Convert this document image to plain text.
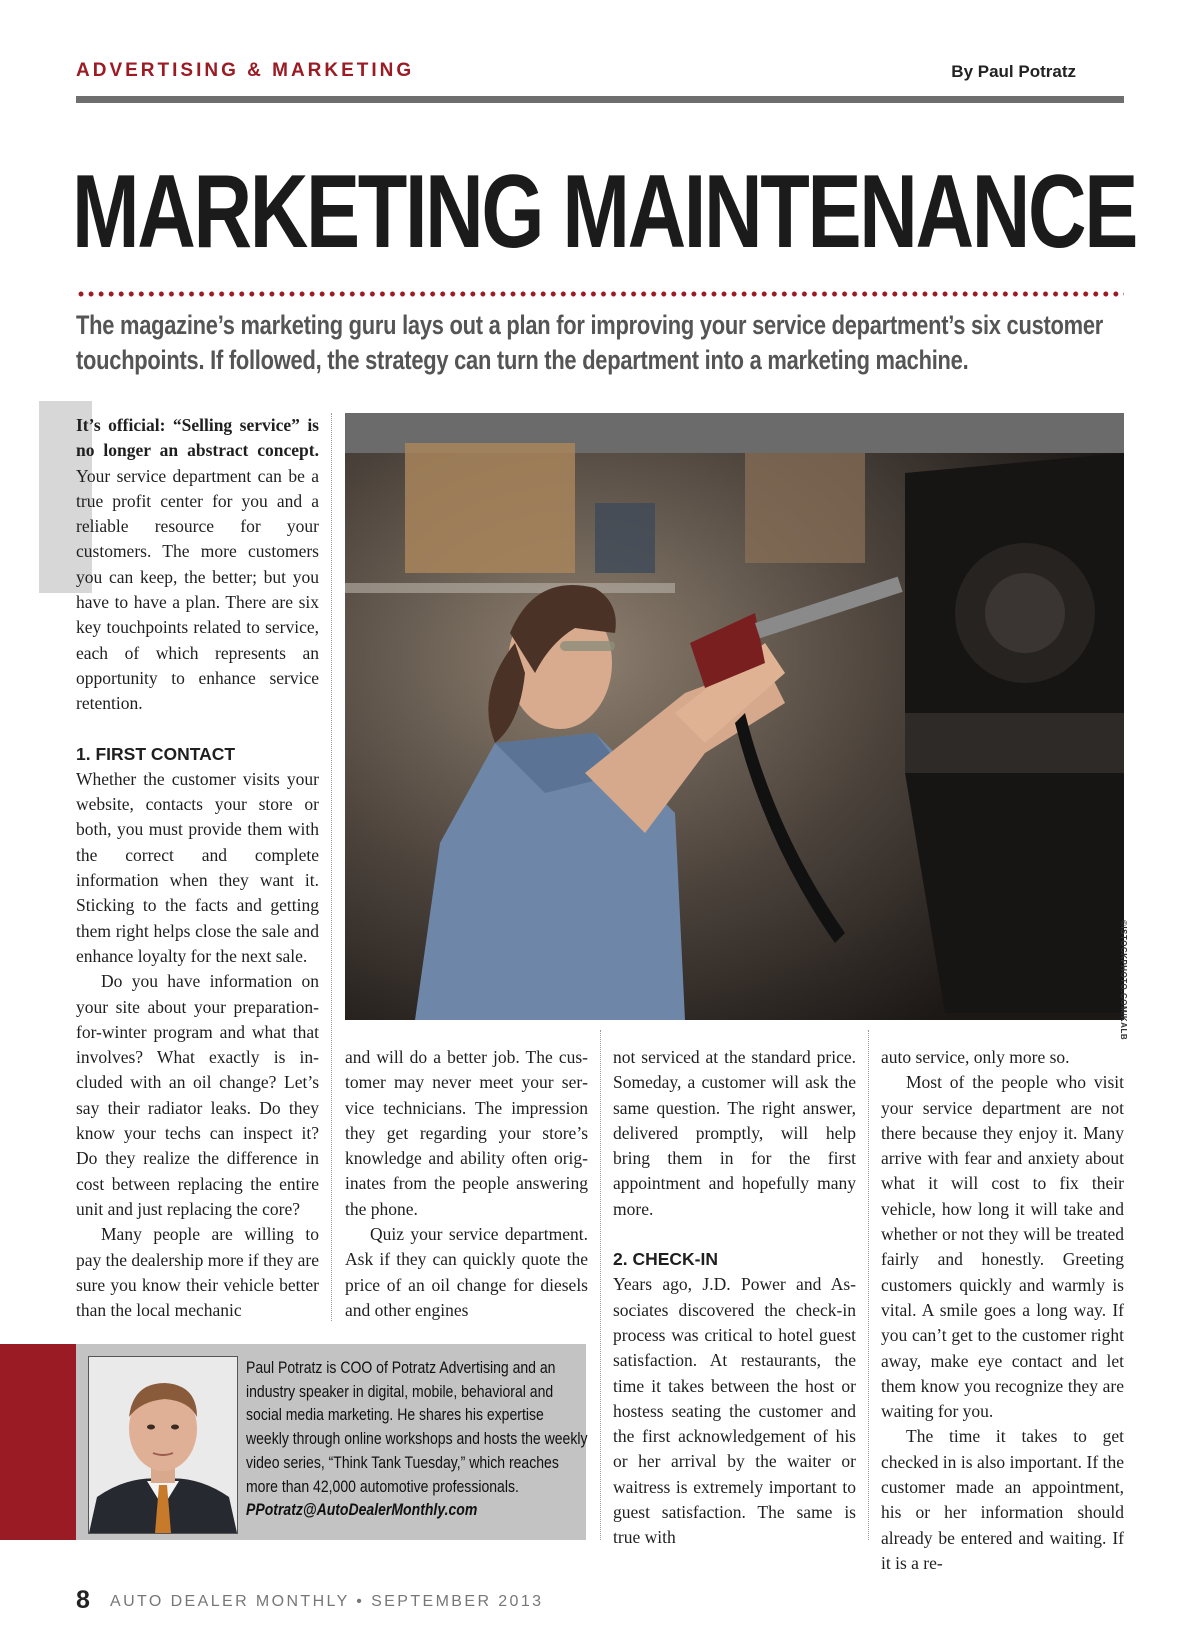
ADVERTISING & MARKETING	By Paul Potratz
MARKETING MAINTENANCE
The magazine’s marketing guru lays out a plan for improving your service department’s six customer touchpoints. If followed, the strategy can turn the department into a marketing machine.

It’s official: “Selling service” is no longer an abstract concept. Your service department can be a true profit center for you and a reliable resource for your customers. The more customers you can keep, the better; but you have to have a plan. There are six key touchpoints related to service, each of which represents an opportunity to enhance service retention.

1. FIRST CONTACT

Whether the customer visits your website, contacts your store or both, you must provide them with the correct and complete information when they want it. Sticking to the facts and getting them right helps close the sale and enhance loyalty for the next sale.

Do you have information on your site about your preparation-for-winter program and what that involves? What exactly is included with an oil change? Let’s say their radiator leaks. Do they know your techs can inspect it? Do they realize the difference in cost between replacing the entire unit and just replacing the core?

Many people are willing to pay the dealership more if they are sure you know their vehicle better than the local mechanic

©ISTOCKPHOTO.COM/KALB

and will do a better job. The customer may never meet your service technicians. The impression they get regarding your store’s knowledge and ability often originates from the people answering the phone.

Quiz your service department. Ask if they can quickly quote the price of an oil change for diesels and other engines

not serviced at the standard price. Someday, a customer will ask the same question. The right answer, delivered promptly, will help bring them in for the first appointment and hopefully many more.

2. CHECK-IN

Years ago, J.D. Power and Associates discovered the check-in process was critical to hotel guest satisfaction. At restaurants, the time it takes between the host or hostess seating the customer and the first acknowledgement of his or her arrival by the waiter or waitress is extremely important to guest satisfaction. The same is true with

auto service, only more so.

Most of the people who visit your service department are not there because they enjoy it. Many arrive with fear and anxiety about what it will cost to fix their vehicle, how long it will take and whether or not they will be treated fairly and honestly. Greeting customers quickly and warmly is vital. A smile goes a long way. If you can’t get to the customer right away, make eye contact and let them know you recognize they are waiting for you.

The time it takes to get checked in is also important. If the customer made an appointment, his or her information should already be entered and waiting. If it is a re-

Paul Potratz is COO of Potratz Advertising and an industry speaker in digital, mobile, behavioral and social media marketing. He shares his expertise weekly through online workshops and hosts the weekly video series, “Think Tank Tuesday,” which reaches more than 42,000 automotive professionals.
PPotratz@AutoDealerMonthly.com
8 AUTO DEALER MONTHLY • SEPTEMBER 2013
